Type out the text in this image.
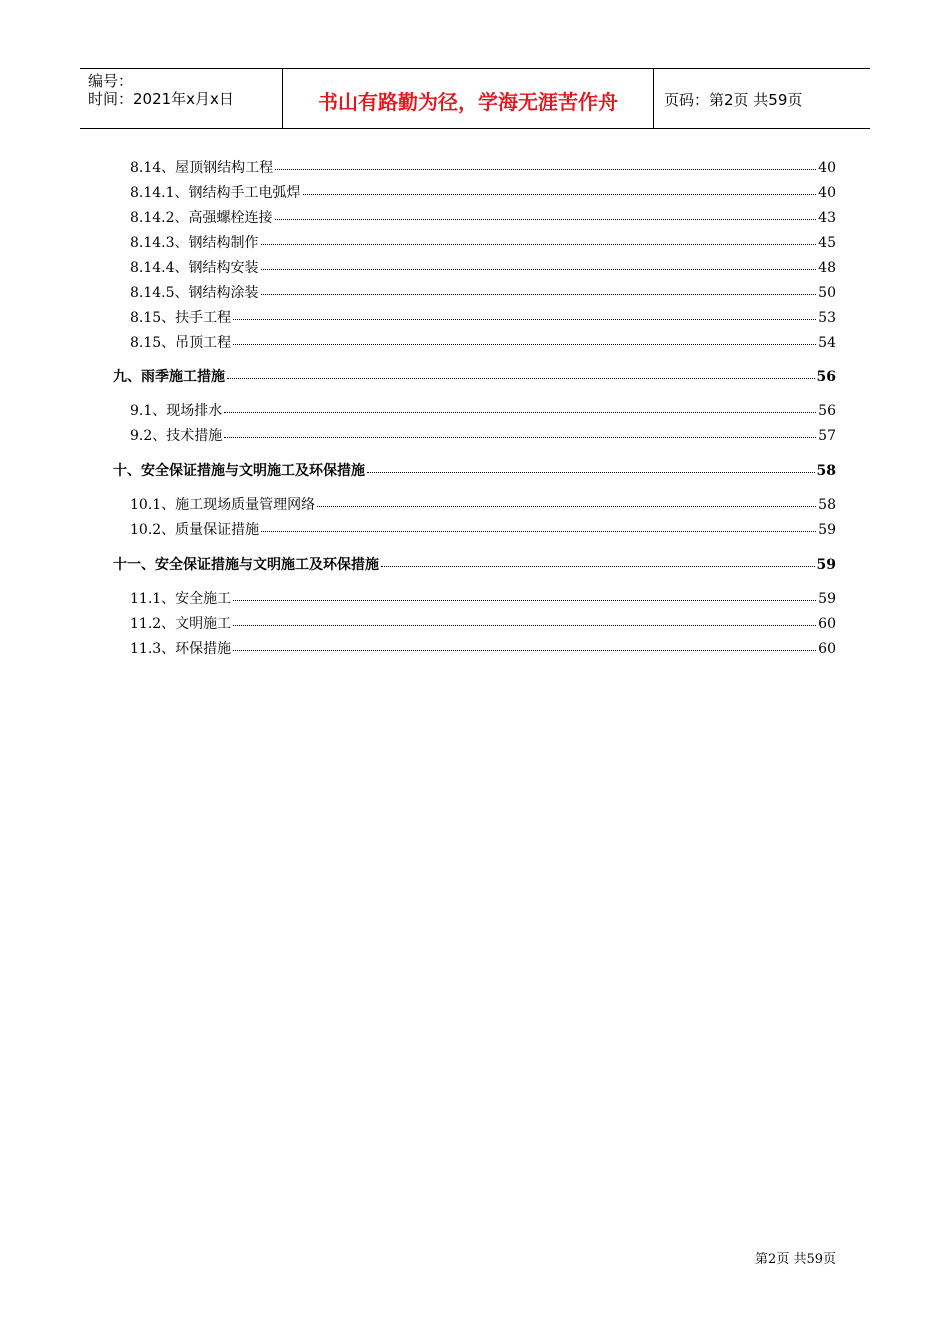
编号：
时间：2021年x月x日	书山有路勤为径，学海无涯苦作舟	页码：第2页 共59页
8.14、屋顶钢结构工程	40
8.14.1、钢结构手工电弧焊	40
8.14.2、高强螺栓连接	43
8.14.3、钢结构制作	45
8.14.4、钢结构安装	48
8.14.5、钢结构涂装	50
8.15、扶手工程	53
8.15、吊顶工程	54
九、雨季施工措施	56
9.1、现场排水	56
9.2、技术措施	57
十、安全保证措施与文明施工及环保措施	58
10.1、施工现场质量管理网络	58
10.2、质量保证措施	59
十一、安全保证措施与文明施工及环保措施	59
11.1、安全施工	59
11.2、文明施工	60
11.3、环保措施	60
第2页 共59页
